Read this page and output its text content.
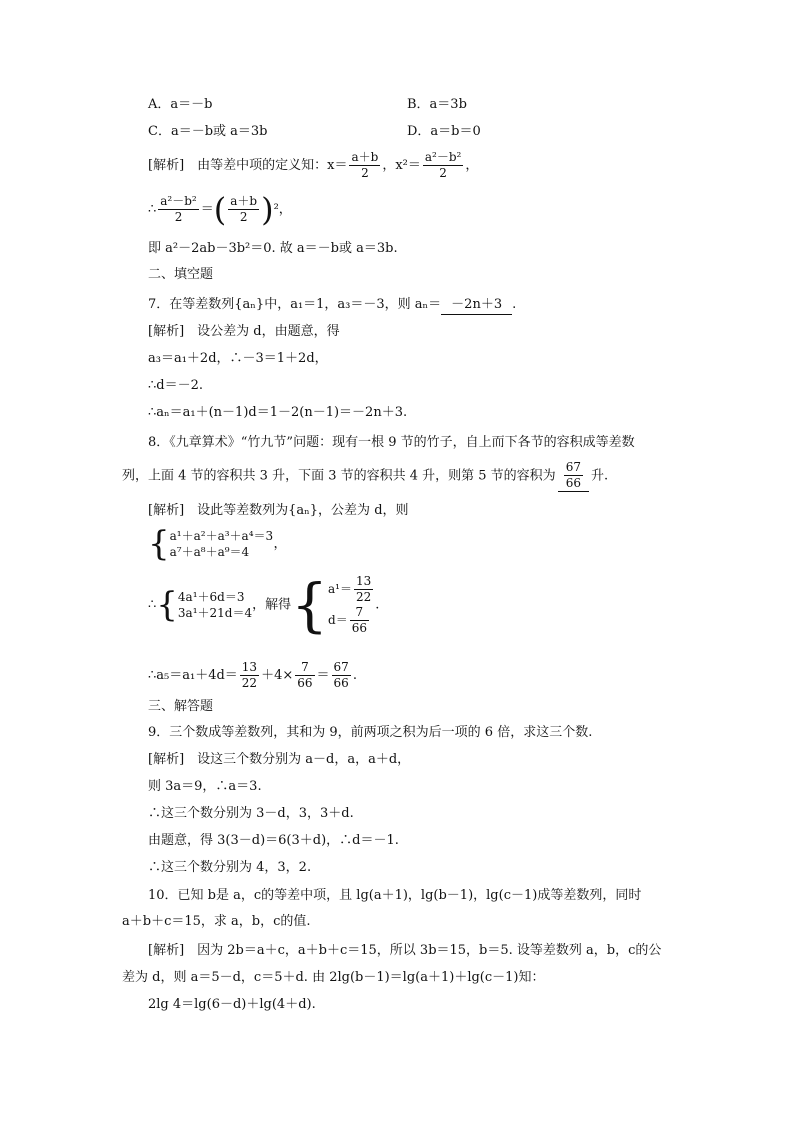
A．a＝－b	B．a＝3b
C．a＝－b或 a＝3b	D．a＝b＝0
[解析]　由等差中项的定义知：$x= \frac{a+b}{2}$ ，$x^2= \frac{\text{a²－b²}}{2}$ ，
∴ $\frac{\text{a²－b²}}{2}$ ＝( $\frac{a+b}{2} )^2$，
即 a²－2ab－3b²＝0. 故 a＝－b或 a＝3b.
二、填空题
7．在等差数列{aₙ}中，a₁＝1，a₃＝－3，则 aₙ＝ －2n＋3 .
[解析]　设公差为 d，由题意，得
a₃＝a₁＋2d，∴－3＝1＋2d，
∴d＝－2.
∴aₙ＝a₁＋(n－1)d＝1－2(n－1)＝－2n＋3.
8．《九章算术》“竹九节”问题：现有一根 9 节的竹子，自上而下各节的容积成等差数
列，上面 4 节的容积共 3 升，下面 3 节的容积共 4 升，则第 5 节的容积为 $\frac{67}{66}$ 升.
[解析]　设此等差数列为{aₙ}，公差为 d，则
{ a¹＋a²＋a³＋a⁴＝3
a⁷＋a⁸＋a⁹＝4
，
∴{ 4a¹＋6d＝3
3a¹＋21d＝4
，解得{ $a^1= \frac{13}{22}$
$d= \frac{7}{66}$ .
∴a₅＝a₁＋4d＝ $\frac{13}{22} +4\times \frac{7}{66} = \frac{67}{66}$ .
三、解答题
9．三个数成等差数列，其和为 9，前两项之积为后一项的 6 倍，求这三个数.
[解析]　设这三个数分别为 a－d，a，a＋d，
则 3a＝9，∴a＝3.
∴这三个数分别为 3－d，3，3＋d.
由题意，得 3(3－d)＝6(3＋d)，∴d＝－1.
∴这三个数分别为 4，3，2.
10．已知 b是 a，c的等差中项，且 lg(a＋1)，lg(b－1)，lg(c－1)成等差数列，同时
a＋b＋c＝15，求 a，b，c的值.
[解析]　因为 2b＝a＋c，a＋b＋c＝15，所以 3b＝15，b＝5. 设等差数列 a，b，c的公
差为 d，则 a＝5－d，c＝5＋d. 由 2lg(b－1)＝lg(a＋1)＋lg(c－1)知：
2lg 4＝lg(6－d)＋lg(4＋d).
